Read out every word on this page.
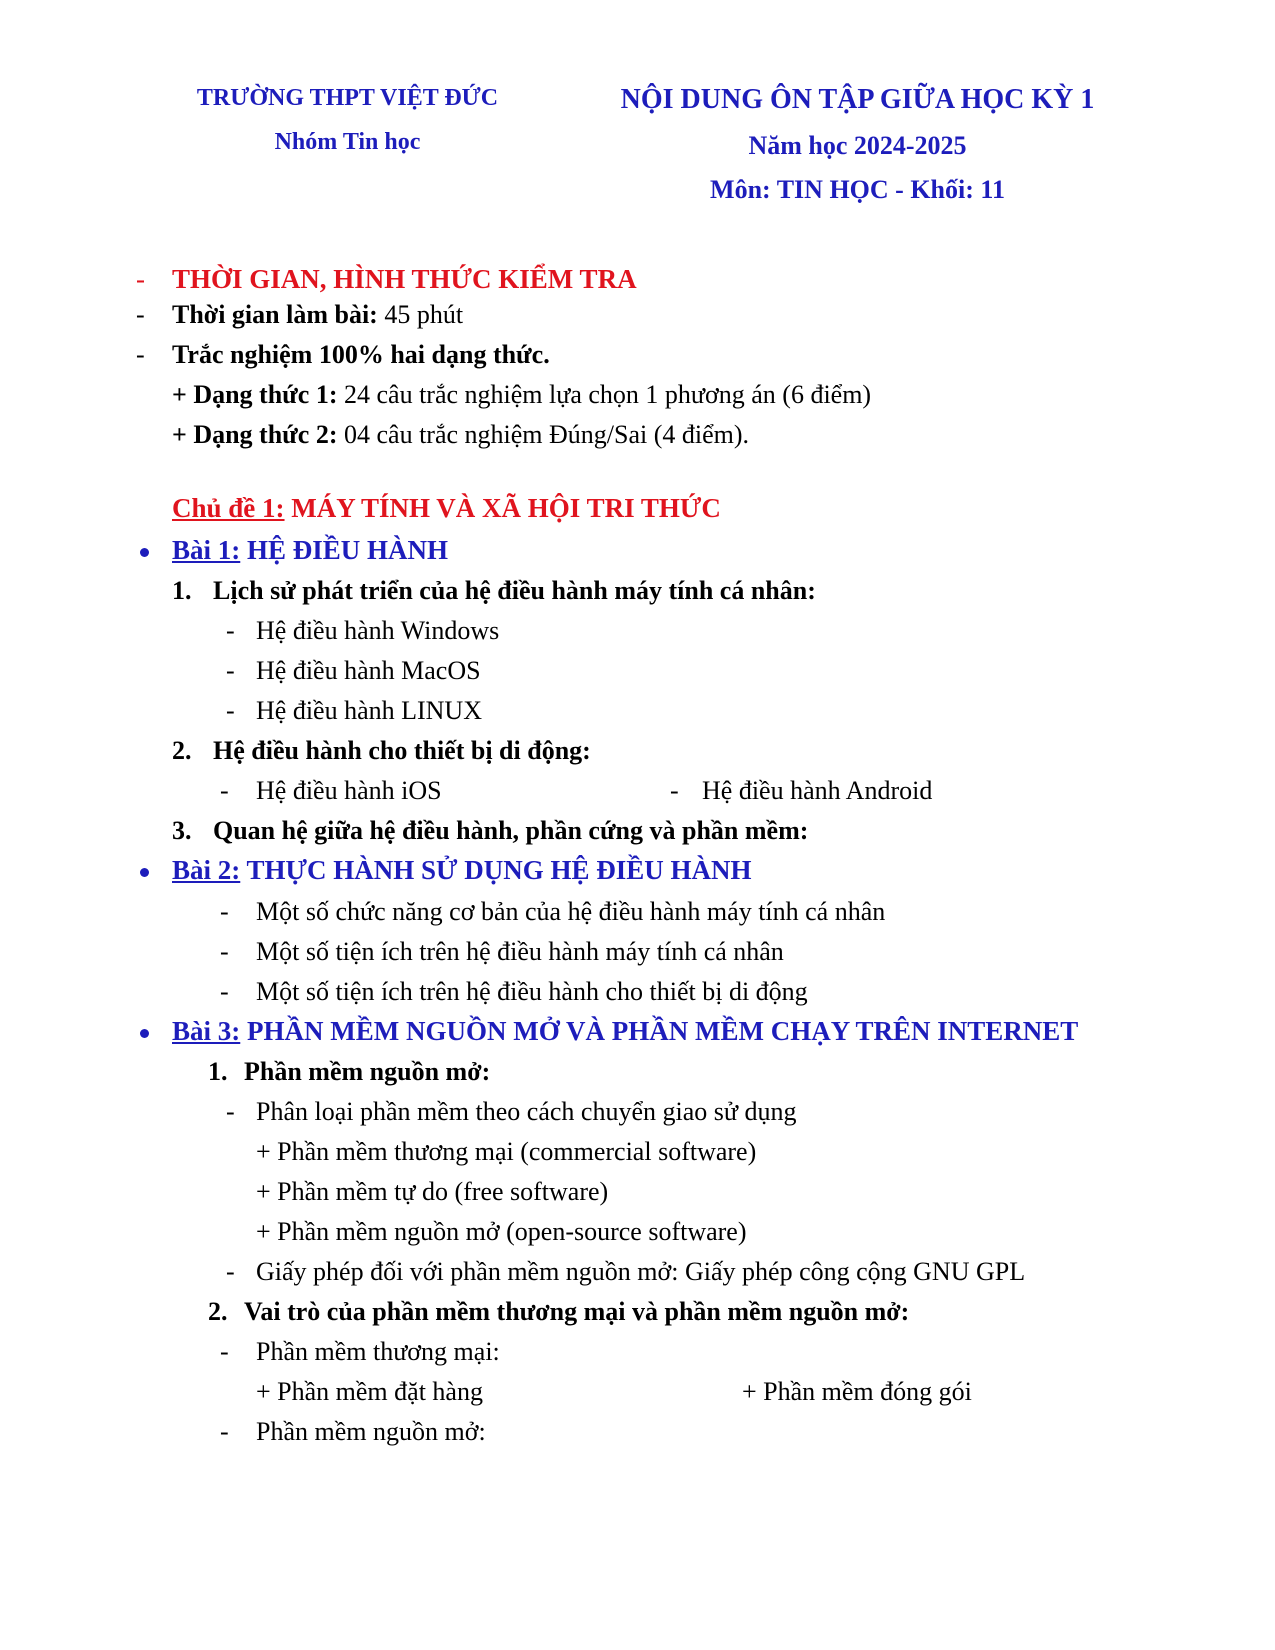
TRƯỜNG THPT VIỆT ĐỨC
Nhóm Tin học
NỘI DUNG ÔN TẬP GIỮA HỌC KỲ 1
Năm học 2024-2025
Môn: TIN HỌC - Khối: 11
- THỜI GIAN, HÌNH THỨC KIỂM TRA
- Thời gian làm bài: 45 phút
- Trắc nghiệm 100% hai dạng thức.
+ Dạng thức 1: 24 câu trắc nghiệm lựa chọn 1 phương án (6 điểm)
+ Dạng thức 2: 04 câu trắc nghiệm Đúng/Sai (4 điểm).
Chủ đề 1: MÁY TÍNH VÀ XÃ HỘI TRI THỨC
Bài 1: HỆ ĐIỀU HÀNH
1. Lịch sử phát triển của hệ điều hành máy tính cá nhân:
- Hệ điều hành Windows
- Hệ điều hành MacOS
- Hệ điều hành LINUX
2. Hệ điều hành cho thiết bị di động:
- Hệ điều hành iOS	- Hệ điều hành Android
3. Quan hệ giữa hệ điều hành, phần cứng và phần mềm:
Bài 2: THỰC HÀNH SỬ DỤNG HỆ ĐIỀU HÀNH
- Một số chức năng cơ bản của hệ điều hành máy tính cá nhân
- Một số tiện ích trên hệ điều hành máy tính cá nhân
- Một số tiện ích trên hệ điều hành cho thiết bị di động
Bài 3: PHẦN MỀM NGUỒN MỞ VÀ PHẦN MỀM CHẠY TRÊN INTERNET
1. Phần mềm nguồn mở:
- Phân loại phần mềm theo cách chuyển giao sử dụng
+ Phần mềm thương mại (commercial software)
+ Phần mềm tự do (free software)
+ Phần mềm nguồn mở (open-source software)
- Giấy phép đối với phần mềm nguồn mở: Giấy phép công cộng GNU GPL
2. Vai trò của phần mềm thương mại và phần mềm nguồn mở:
- Phần mềm thương mại:
+ Phần mềm đặt hàng	+ Phần mềm đóng gói
- Phần mềm nguồn mở:
